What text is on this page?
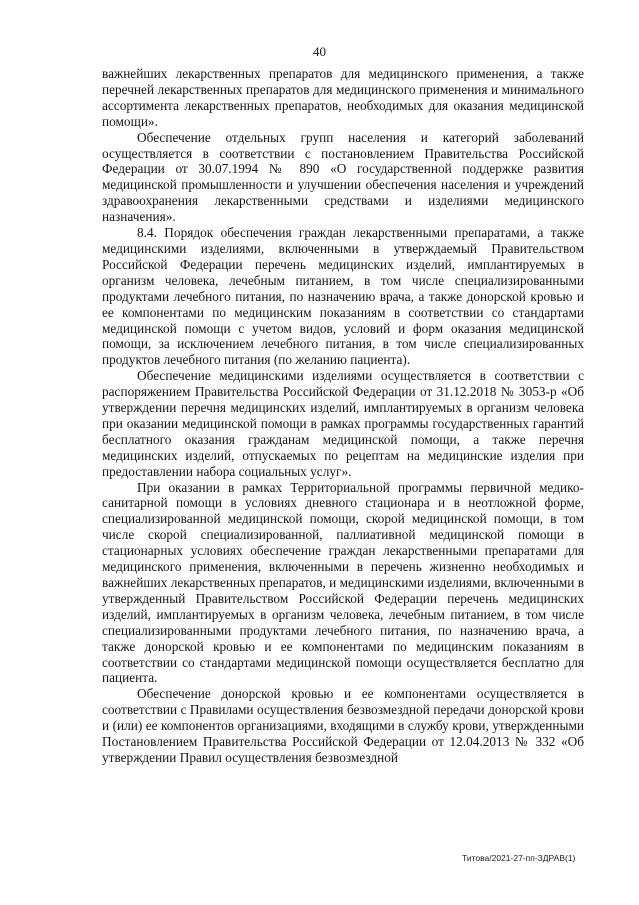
40

важнейших лекарственных препаратов для медицинского применения, а также перечней лекарственных препаратов для медицинского применения и минимального ассортимента лекарственных препаратов, необходимых для оказания медицинской помощи».

Обеспечение отдельных групп населения и категорий заболеваний осуществляется в соответствии с постановлением Правительства Российской Федерации от 30.07.1994 № 890 «О государственной поддержке развития медицинской промышленности и улучшении обеспечения населения и учреждений здравоохранения лекарственными средствами и изделиями медицинского назначения».

8.4. Порядок обеспечения граждан лекарственными препаратами, а также медицинскими изделиями, включенными в утверждаемый Правительством Российской Федерации перечень медицинских изделий, имплантируемых в организм человека, лечебным питанием, в том числе специализированными продуктами лечебного питания, по назначению врача, а также донорской кровью и ее компонентами по медицинским показаниям в соответствии со стандартами медицинской помощи с учетом видов, условий и форм оказания медицинской помощи, за исключением лечебного питания, в том числе специализированных продуктов лечебного питания (по желанию пациента).

Обеспечение медицинскими изделиями осуществляется в соответствии с распоряжением Правительства Российской Федерации от 31.12.2018 № 3053-р «Об утверждении перечня медицинских изделий, имплантируемых в организм человека при оказании медицинской помощи в рамках программы государственных гарантий бесплатного оказания гражданам медицинской помощи, а также перечня медицинских изделий, отпускаемых по рецептам на медицинские изделия при предоставлении набора социальных услуг».

При оказании в рамках Территориальной программы первичной медико-санитарной помощи в условиях дневного стационара и в неотложной форме, специализированной медицинской помощи, скорой медицинской помощи, в том числе скорой специализированной, паллиативной медицинской помощи в стационарных условиях обеспечение граждан лекарственными препаратами для медицинского применения, включенными в перечень жизненно необходимых и важнейших лекарственных препаратов, и медицинскими изделиями, включенными в утвержденный Правительством Российской Федерации перечень медицинских изделий, имплантируемых в организм человека, лечебным питанием, в том числе специализированными продуктами лечебного питания, по назначению врача, а также донорской кровью и ее компонентами по медицинским показаниям в соответствии со стандартами медицинской помощи осуществляется бесплатно для пациента.

Обеспечение донорской кровью и ее компонентами осуществляется в соответствии с Правилами осуществления безвозмездной передачи донорской крови и (или) ее компонентов организациями, входящими в службу крови, утвержденными Постановлением Правительства Российской Федерации от 12.04.2013 № 332 «Об утверждении Правил осуществления безвозмездной

Титова/2021-27-пп-ЗДРАВ(1)
